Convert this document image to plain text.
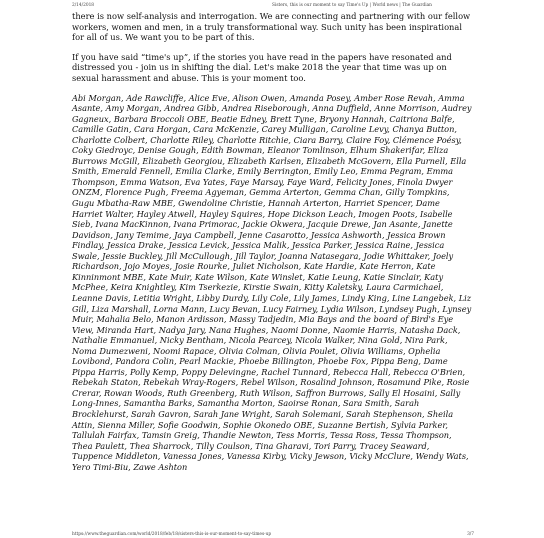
2/14/2018	Sisters, this is our moment to say Time's Up | World news | The Guardian

there is now self-analysis and interrogation. We are connecting and partnering with our fellow workers, women and men, in a truly transformational way. Such unity has been inspirational for all of us. We want you to be part of this.

If you have said “time's up”, if the stories you have read in the papers have resonated and distressed you - join us in shifting the dial. Let's make 2018 the year that time was up on sexual harassment and abuse. This is your moment too.

Abi Morgan, Ade Rawcliffe, Alice Eve, Alison Owen, Amanda Posey, Amber Rose Revah, Amma Asante, Amy Morgan, Andrea Gibb, Andrea Riseborough, Anna Duffield, Anne Morrison, Audrey Gagneux, Barbara Broccoli OBE, Beatie Edney, Brett Tyne, Bryony Hannah, Caitriona Balfe, Camille Gatin, Cara Horgan, Cara McKenzie, Carey Mulligan, Caroline Levy, Chanya Button, Charlotte Colbert, Charlotte Riley, Charlotte Ritchie, Ciara Barry, Claire Foy, Clémence Poésy, Coky Giedroyc, Denise Gough, Edith Bowman, Eleanor Tomlinson, Elhum Shakerifar, Eliza Burrows McGill, Elizabeth Georgiou, Elizabeth Karlsen, Elizabeth McGovern, Ella Purnell, Ella Smith, Emerald Fennell, Emilia Clarke, Emily Berrington, Emily Leo, Emma Pegram, Emma Thompson, Emma Watson, Eva Yates, Faye Marsay, Faye Ward, Felicity Jones, Finola Dwyer ONZM, Florence Pugh, Freema Agyeman, Gemma Arterton, Gemma Chan, Gilly Tompkins, Gugu Mbatha-Raw MBE, Gwendoline Christie, Hannah Arterton, Harriet Spencer, Dame Harriet Walter, Hayley Atwell, Hayley Squires, Hope Dickson Leach, Imogen Poots, Isabelle Sieb, Ivana MacKinnon, Ivana Primorac, Jackie Okwera, Jacquie Drewe, Jan Asante, Janette Davidson, Jany Temime, Jaya Campbell, Jenne Casarotto, Jessica Ashworth, Jessica Brown Findlay, Jessica Drake, Jessica Levick, Jessica Malik, Jessica Parker, Jessica Raine, Jessica Swale, Jessie Buckley, Jill McCullough, Jill Taylor, Joanna Natasegara, Jodie Whittaker, Joely Richardson, Jojo Moyes, Josie Rourke, Juliet Nicholson, Kate Hardie, Kate Herron, Kate Kinninmont MBE, Kate Muir, Kate Wilson, Kate Winslet, Katie Leung, Katie Sinclair, Katy McPhee, Keira Knightley, Kim Tserkezie, Kirstie Swain, Kitty Kaletsky, Laura Carmichael, Leanne Davis, Letitia Wright, Libby Durdy, Lily Cole, Lily James, Lindy King, Line Langebek, Liz Gill, Liza Marshall, Lorna Mann, Lucy Bevan, Lucy Fairney, Lydia Wilson, Lyndsey Pugh, Lynsey Muir, Mahalia Belo, Manon Ardisson, Massy Tadjedin, Mia Bays and the board of Bird's Eye View, Miranda Hart, Nadya Jary, Nana Hughes, Naomi Donne, Naomie Harris, Natasha Dack, Nathalie Emmanuel, Nicky Bentham, Nicola Pearcey, Nicola Walker, Nina Gold, Nira Park, Noma Dumezweni, Noomi Rapace, Olivia Colman, Olivia Poulet, Olivia Williams, Ophelia Lovibond, Pandora Colin, Pearl Mackie, Phoebe Billington, Phoebe Fox, Pippa Beng, Dame Pippa Harris, Polly Kemp, Poppy Delevingne, Rachel Tunnard, Rebecca Hall, Rebecca O'Brien, Rebekah Staton, Rebekah Wray-Rogers, Rebel Wilson, Rosalind Johnson, Rosamund Pike, Rosie Crerar, Rowan Woods, Ruth Greenberg, Ruth Wilson, Saffron Burrows, Sally El Hosaini, Sally Long-Innes, Samantha Barks, Samantha Morton, Saoirse Ronan, Sara Smith, Sarah Brocklehurst, Sarah Gavron, Sarah Jane Wright, Sarah Solemani, Sarah Stephenson, Sheila Attin, Sienna Miller, Sofie Goodwin, Sophie Okonedo OBE, Suzanne Bertish, Sylvia Parker, Tallulah Fairfax, Tamsin Greig, Thandie Newton, Tess Morris, Tessa Ross, Tessa Thompson, Thea Paulett, Thea Sharrock, Tilly Coulson, Tina Gharavi, Tori Parry, Tracey Seaward, Tuppence Middleton, Vanessa Jones, Vanessa Kirby, Vicky Jewson, Vicky McClure, Wendy Wats, Yero Timi-Biu, Zawe Ashton

https://www.theguardian.com/world/2018/feb/18/sisters-this-is-our-moment-to-say-times-up	3/7
